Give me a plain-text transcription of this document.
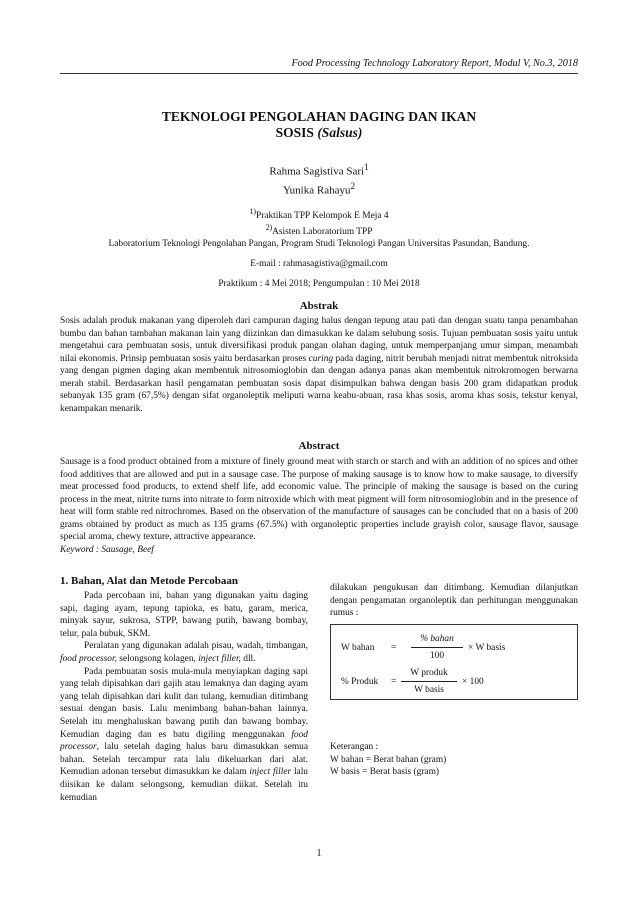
Food Processing Technology Laboratory Report, Modul V, No.3, 2018
TEKNOLOGI PENGOLAHAN DAGING DAN IKAN
SOSIS (Salsus)
Rahma Sagistiva Sari$^1$
Yunika Rahayu$^2$
$^{1)}$Praktikan TPP Kelompok E Meja 4
$^{2)}$Asisten Laboratorium TPP
Laboratorium Teknologi Pengolahan Pangan, Program Studi Teknologi Pangan Universitas Pasundan, Bandung.
E-mail : rahmasagistiva@gmail.com
Praktikum : 4 Mei 2018; Pengumpulan : 10 Mei 2018
Abstrak

Sosis adalah produk makanan yang diperoleh dari campuran daging halus dengan tepung atau pati dan dengan suatu tanpa penambahan bumbu dan bahan tambahan makanan lain yang diizinkan dan dimasukkan ke dalam selubung sosis. Tujuan pembuatan sosis yaitu untuk mengetahui cara pembuatan sosis, untuk diversifikasi produk pangan olahan daging, untuk memperpanjang umur simpan, menambah nilai ekonomis. Prinsip pembuatan sosis yaitu berdasarkan proses curing pada daging, nitrit berubah menjadi nitrat membentuk nitroksida yang dengan pigmen daging akan membentuk nitrosomioglobin dan dengan adanya panas akan membentuk nitrokromogen berwarna merah stabil. Berdasarkan hasil pengamatan pembuatan sosis dapat disimpulkan bahwa dengan basis 200 gram didapatkan produk sebanyak 135 gram (67,5%) dengan sifat organoleptik meliputi warna keabu-abuan, rasa khas sosis, aroma khas sosis, tekstur kenyal, kenampakan menarik.

Abstract

Sausage is a food product obtained from a mixture of finely ground meat with starch or starch and with an addition of no spices and other food additives that are allowed and put in a sausage case. The purpose of making sausage is to know how to make sausage, to diversify meat processed food products, to extend shelf life, add economic value. The principle of making the sausage is based on the curing process in the meat, nitrite turns into nitrate to form nitroxide which with meat pigment will form nitrosomioglobin and in the presence of heat will form stable red nitrochromes. Based on the observation of the manufacture of sausages can be concluded that on a basis of 200 grams obtained by product as much as 135 grams (67.5%) with organoleptic properties include grayish color, sausage flavor, sausage special aroma, chewy texture, attractive appearance.

Keyword : Sausage, Beef

1. Bahan, Alat dan Metode Percobaan

Pada percobaan ini, bahan yang digunakan yaitu daging sapi, daging ayam, tepung tapioka, es batu, garam, merica, minyak sayur, sukrosa, STPP, bawang putih, bawang bombay, telur, pala bubuk, SKM.

Peralatan yang digunakan adalah pisau, wadah, timbangan, food processor, selongsong kolagen, inject filler, dll.

Pada pembuatan sosis mula-mula menyiapkan daging sapi yang telah dipisahkan dari gajih atau lemaknya dan daging ayam yang telah dipisahkan dari kulit dan tulang, kemudian ditimbang sesuai dengan basis. Lalu menimbang bahan-bahan lainnya. Setelah itu menghaluskan bawang putih dan bawang bombay. Kemudian daging dan es batu digiling menggunakan food processor, lalu setelah daging halus baru dimasukkan semua bahan. Setelah tercampur rata lalu dikeluarkan dari alat. Kemudian adonan tersebut dimasukkan ke dalam inject filler lalu diisikan ke dalam selongsong, kemudian diikat. Setelah itu kemudian

dilakukan pengukusan dan ditimbang. Kemudian dilanjutkan dengan pengamatan organoleptik dan perhitungan menggunakan rumus :

W bahan =
% bahan
100
× W basis
% Produk =
W produk
W basis
× 100
Keterangan :
W bahan = Berat bahan (gram)
W basis = Berat basis (gram)
1
